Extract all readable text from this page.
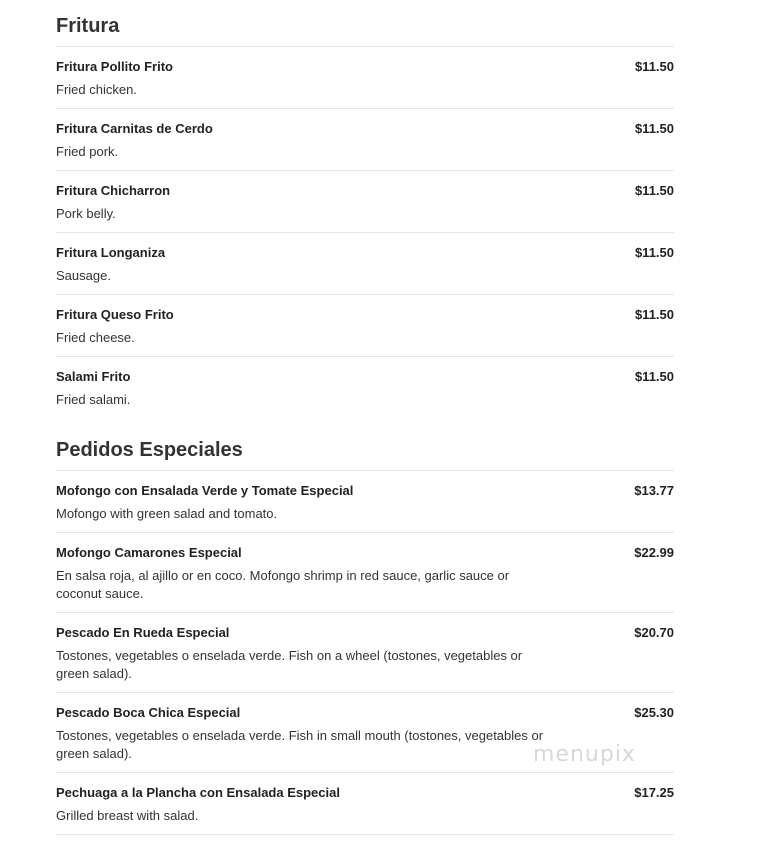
Fritura
Fritura Pollito Frito	$11.50
Fried chicken.
Fritura Carnitas de Cerdo	$11.50
Fried pork.
Fritura Chicharron	$11.50
Pork belly.
Fritura Longaniza	$11.50
Sausage.
Fritura Queso Frito	$11.50
Fried cheese.
Salami Frito	$11.50
Fried salami.
Pedidos Especiales
Mofongo con Ensalada Verde y Tomate Especial	$13.77
Mofongo with green salad and tomato.
Mofongo Camarones Especial	$22.99
En salsa roja, al ajillo or en coco. Mofongo shrimp in red sauce, garlic sauce or coconut sauce.
Pescado En Rueda Especial	$20.70
Tostones, vegetables o enselada verde. Fish on a wheel (tostones, vegetables or green salad).
Pescado Boca Chica Especial	$25.30
Tostones, vegetables o enselada verde. Fish in small mouth (tostones, vegetables or green salad).
Pechuaga a la Plancha con Ensalada Especial	$17.25
Grilled breast with salad.
menupix
